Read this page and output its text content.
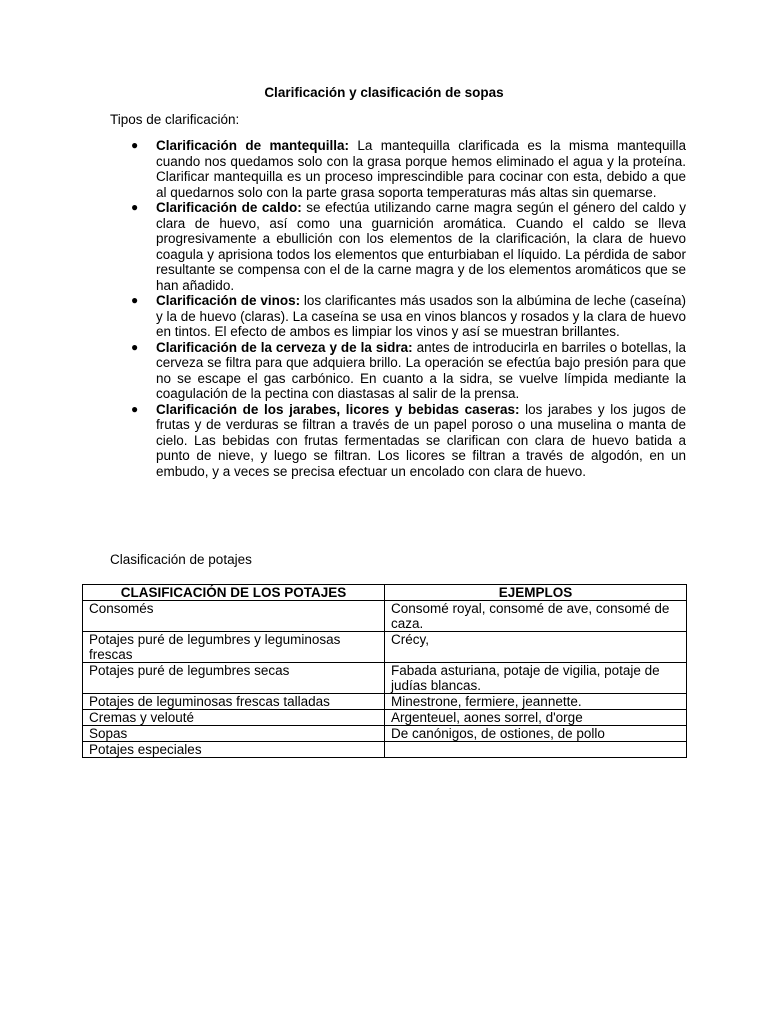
Clarificación y clasificación de sopas
Tipos de clarificación:
● Clarificación de mantequilla: La mantequilla clarificada es la misma mantequilla cuando nos quedamos solo con la grasa porque hemos eliminado el agua y la proteína. Clarificar mantequilla es un proceso imprescindible para cocinar con esta, debido a que al quedarnos solo con la parte grasa soporta temperaturas más altas sin quemarse.
● Clarificación de caldo: se efectúa utilizando carne magra según el género del caldo y clara de huevo, así como una guarnición aromática. Cuando el caldo se lleva progresivamente a ebullición con los elementos de la clarificación, la clara de huevo coagula y aprisiona todos los elementos que enturbiaban el líquido. La pérdida de sabor resultante se compensa con el de la carne magra y de los elementos aromáticos que se han añadido.
● Clarificación de vinos: los clarificantes más usados son la albúmina de leche (caseína) y la de huevo (claras). La caseína se usa en vinos blancos y rosados y la clara de huevo en tintos. El efecto de ambos es limpiar los vinos y así se muestran brillantes.
● Clarificación de la cerveza y de la sidra: antes de introducirla en barriles o botellas, la cerveza se filtra para que adquiera brillo. La operación se efectúa bajo presión para que no se escape el gas carbónico. En cuanto a la sidra, se vuelve límpida mediante la coagulación de la pectina con diastasas al salir de la prensa.
● Clarificación de los jarabes, licores y bebidas caseras: los jarabes y los jugos de frutas y de verduras se filtran a través de un papel poroso o una muselina o manta de cielo. Las bebidas con frutas fermentadas se clarifican con clara de huevo batida a punto de nieve, y luego se filtran. Los licores se filtran a través de algodón, en un embudo, y a veces se precisa efectuar un encolado con clara de huevo.
Clasificación de potajes
CLASIFICACIÓN DE LOS POTAJES	EJEMPLOS
Consomés	Consomé royal, consomé de ave, consomé de caza.
Potajes puré de legumbres y leguminosas frescas	Crécy,
Potajes puré de legumbres secas	Fabada asturiana, potaje de vigilia, potaje de judías blancas.
Potajes de leguminosas frescas talladas	Minestrone, fermiere, jeannette.
Cremas y velouté	Argenteuel, aones sorrel, d'orge
Sopas	De canónigos, de ostiones, de pollo
Potajes especiales	
